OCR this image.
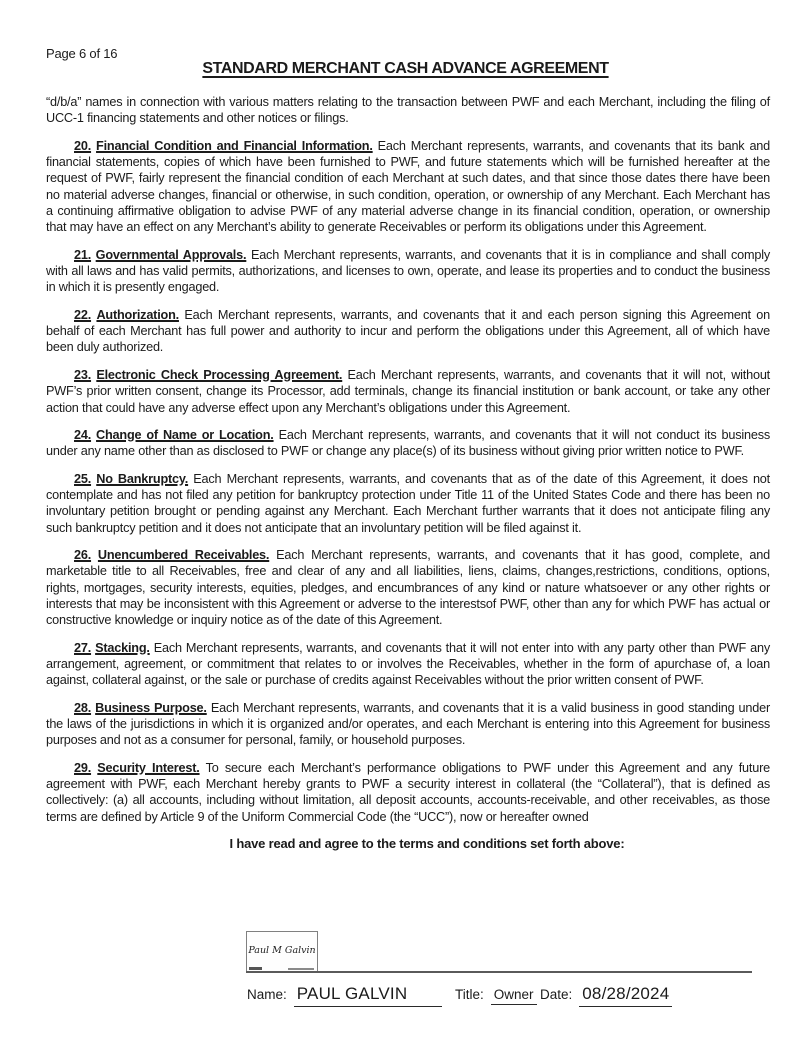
Page 6 of 16
STANDARD MERCHANT CASH ADVANCE AGREEMENT

“d/b/a” names in connection with various matters relating to the transaction between PWF and each Merchant, including the filing of UCC-1 financing statements and other notices or filings.

20. Financial Condition and Financial Information. Each Merchant represents, warrants, and covenants that its bank and financial statements, copies of which have been furnished to PWF, and future statements which will be furnished hereafter at the request of PWF, fairly represent the financial condition of each Merchant at such dates, and that since those dates there have been no material adverse changes, financial or otherwise, in such condition, operation, or ownership of any Merchant. Each Merchant has a continuing affirmative obligation to advise PWF of any material adverse change in its financial condition, operation, or ownership that may have an effect on any Merchant’s ability to generate Receivables or perform its obligations under this Agreement.

21. Governmental Approvals. Each Merchant represents, warrants, and covenants that it is in compliance and shall comply with all laws and has valid permits, authorizations, and licenses to own, operate, and lease its properties and to conduct the business in which it is presently engaged.

22. Authorization. Each Merchant represents, warrants, and covenants that it and each person signing this Agreement on behalf of each Merchant has full power and authority to incur and perform the obligations under this Agreement, all of which have been duly authorized.

23. Electronic Check Processing Agreement. Each Merchant represents, warrants, and covenants that it will not, without PWF’s prior written consent, change its Processor, add terminals, change its financial institution or bank account, or take any other action that could have any adverse effect upon any Merchant’s obligations under this Agreement.

24. Change of Name or Location. Each Merchant represents, warrants, and covenants that it will not conduct its business under any name other than as disclosed to PWF or change any place(s) of its business without giving prior written notice to PWF.

25. No Bankruptcy. Each Merchant represents, warrants, and covenants that as of the date of this Agreement, it does not contemplate and has not filed any petition for bankruptcy protection under Title 11 of the United States Code and there has been no involuntary petition brought or pending against any Merchant. Each Merchant further warrants that it does not anticipate filing any such bankruptcy petition and it does not anticipate that an involuntary petition will be filed against it.

26. Unencumbered Receivables. Each Merchant represents, warrants, and covenants that it has good, complete, and marketable title to all Receivables, free and clear of any and all liabilities, liens, claims, changes,restrictions, conditions, options, rights, mortgages, security interests, equities, pledges, and encumbrances of any kind or nature whatsoever or any other rights or interests that may be inconsistent with this Agreement or adverse to the interestsof PWF, other than any for which PWF has actual or constructive knowledge or inquiry notice as of the date of this Agreement.

27. Stacking. Each Merchant represents, warrants, and covenants that it will not enter into with any party other than PWF any arrangement, agreement, or commitment that relates to or involves the Receivables, whether in the form of apurchase of, a loan against, collateral against, or the sale or purchase of credits against Receivables without the prior written consent of PWF.

28. Business Purpose. Each Merchant represents, warrants, and covenants that it is a valid business in good standing under the laws of the jurisdictions in which it is organized and/or operates, and each Merchant is entering into this Agreement for business purposes and not as a consumer for personal, family, or household purposes.

29. Security Interest. To secure each Merchant’s performance obligations to PWF under this Agreement and any future agreement with PWF, each Merchant hereby grants to PWF a security interest in collateral (the “Collateral”), that is defined as collectively: (a) all accounts, including without limitation, all deposit accounts, accounts-receivable, and other receivables, as those terms are defined by Article 9 of the Uniform Commercial Code (the “UCC”), now or hereafter owned

I have read and agree to the terms and conditions set forth above:
Paul M Galvin
Name: PAUL GALVIN	Title: Owner Date: 08/28/2024
